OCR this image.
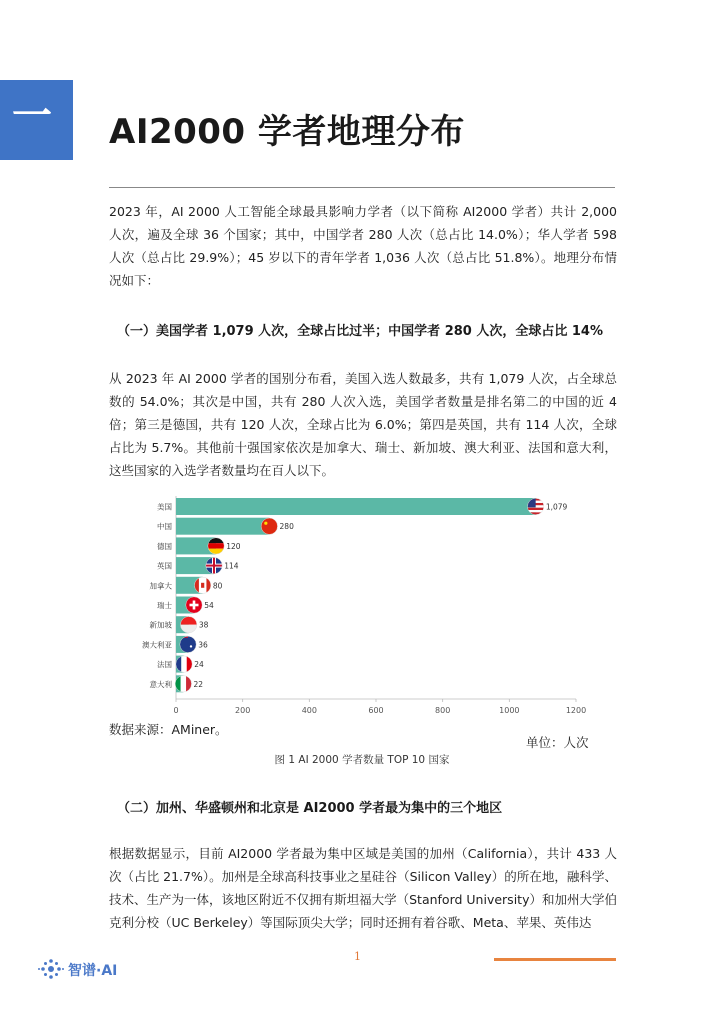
一 AI2000 学者地理分布
2023 年，AI 2000 人工智能全球最具影响力学者（以下简称 AI2000 学者）共计 2,000 人次，遍及全球 36 个国家；其中，中国学者 280 人次（总占比 14.0%）；华人学者 598 人次（总占比 29.9%）；45 岁以下的青年学者 1,036 人次（总占比 51.8%）。地理分布情况如下：
（一）美国学者 1,079 人次，全球占比过半；中国学者 280 人次，全球占比 14%
从 2023 年 AI 2000 学者的国别分布看，美国入选人数最多，共有 1,079 人次，占全球总数的 54.0%；其次是中国，共有 280 人次入选，美国学者数量是排名第二的中国的近 4 倍；第三是德国，共有 120 人次，全球占比为 6.0%；第四是英国，共有 114 人次，全球占比为 5.7%。其他前十强国家依次是加拿大、瑞士、新加坡、澳大利亚、法国和意大利，这些国家的入选学者数量均在百人以下。
0	200	400	600	800	1000	1200
美国	1,079
中国	280
德国	120
英国	114
加拿大	80
瑞士	54
新加坡	38
澳大利亚	36
法国	24
意大利	22
数据来源：AMiner。
单位：人次
图 1 AI 2000 学者数量 TOP 10 国家
（二）加州、华盛顿州和北京是 AI2000 学者最为集中的三个地区
根据数据显示，目前 AI2000 学者最为集中区域是美国的加州（California），共计 433 人次（占比 21.7%）。加州是全球高科技事业之星硅谷（Silicon Valley）的所在地，融科学、技术、生产为一体，该地区附近不仅拥有斯坦福大学（Stanford University）和加州大学伯克利分校（UC Berkeley）等国际顶尖大学；同时还拥有着谷歌、Meta、苹果、英伟达
智谱·AI
1
